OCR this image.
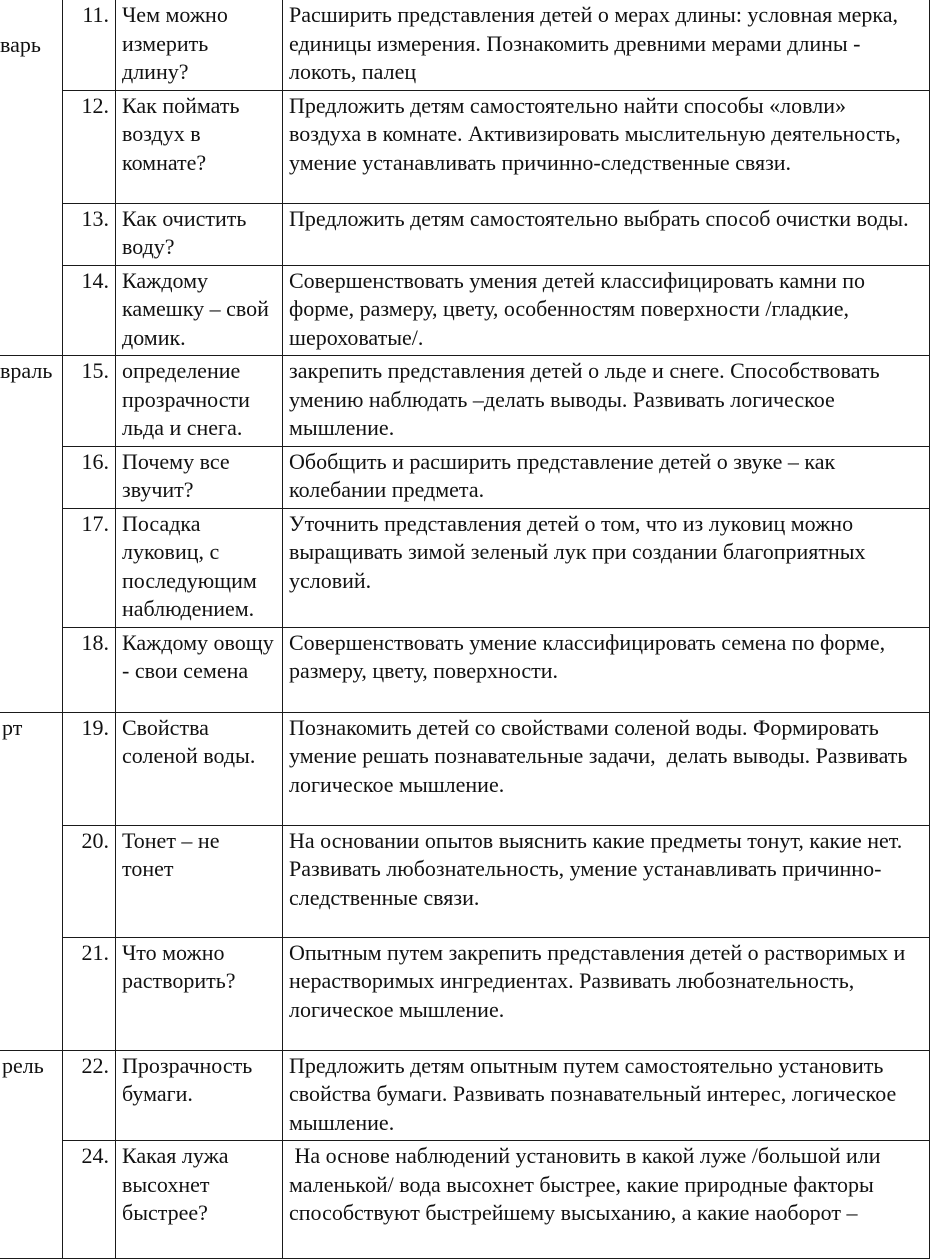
варь	11.	Чем можно измерить длину?	Расширить представления детей о мерах длины: условная мерка, единицы измерения. Познакомить древними мерами длины - локоть, палец
	12.	Как поймать воздух в комнате?	Предложить детям самостоятельно найти способы «ловли» воздуха в комнате. Активизировать мыслительную деятельность, умение устанавливать причинно-следственные связи.
	13.	Как очистить воду?	Предложить детям самостоятельно выбрать способ очистки воды.
	14.	Каждому камешку – свой домик.	Совершенствовать умения детей классифицировать камни по форме, размеру, цвету, особенностям поверхности /гладкие, шероховатые/.

враль	15.	определение прозрачности льда и снега.	закрепить представления детей о льде и снеге. Способствовать умению наблюдать –делать выводы. Развивать логическое мышление.
	16.	Почему все звучит?	Обобщить и расширить представление детей о звуке – как колебании предмета.
	17.	Посадка луковиц, с последующим наблюдением.	Уточнить представления детей о том, что из луковиц можно выращивать зимой зеленый лук при создании благоприятных условий.
	18.	Каждому овощу - свои семена	Совершенствовать умение классифицировать семена по форме, размеру, цвету, поверхности.

рт	19.	Свойства соленой воды.	Познакомить детей со свойствами соленой воды. Формировать умение решать познавательные задачи,  делать выводы. Развивать логическое мышление.
	20.	Тонет – не тонет	На основании опытов выяснить какие предметы тонут, какие нет. Развивать любознательность, умение устанавливать причинно-следственные связи.
	21.	Что можно растворить?	Опытным путем закрепить представления детей о растворимых и нерастворимых ингредиентах. Развивать любознательность, логическое мышление.

рель	22.	Прозрачность бумаги.	Предложить детям опытным путем самостоятельно установить свойства бумаги. Развивать познавательный интерес, логическое мышление.
	24.	Какая лужа высохнет быстрее?	На основе наблюдений установить в какой луже /большой или маленькой/ вода высохнет быстрее, какие природные факторы способствуют быстрейшему высыханию, а какие наоборот –
